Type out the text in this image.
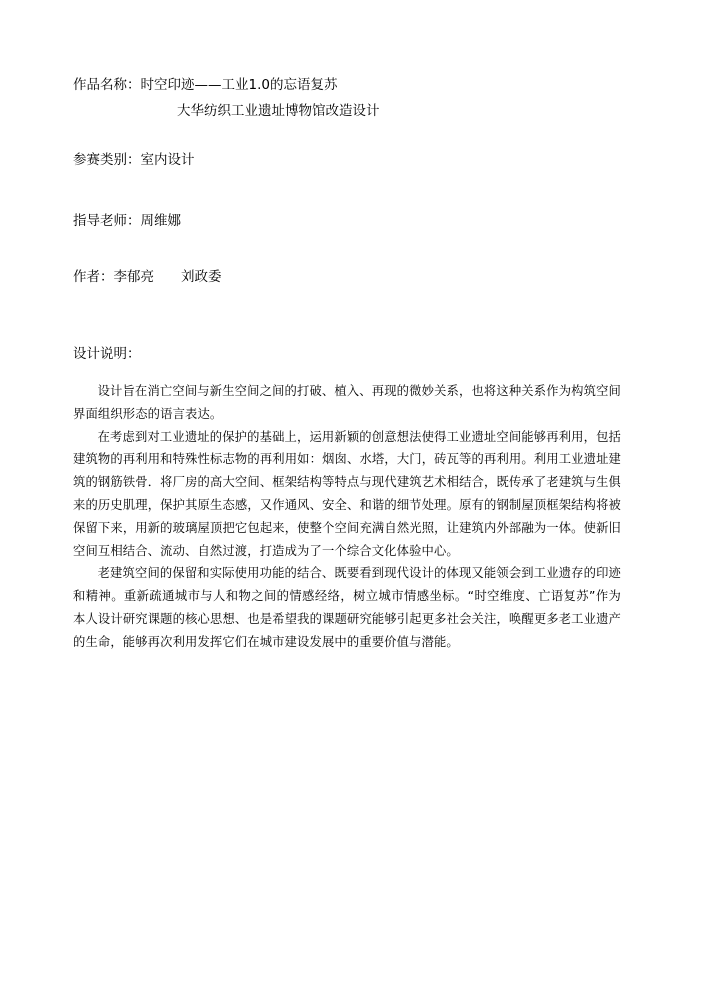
作品名称：时空印迹——工业1.0的忘语复苏
大华纺织工业遗址博物馆改造设计
参赛类别：室内设计
指导老师：周维娜
作者：李郁亮　　刘政委
设计说明：

设计旨在消亡空间与新生空间之间的打破、植入、再现的微妙关系，也将这种关系作为构筑空间界面组织形态的语言表达。

在考虑到对工业遗址的保护的基础上，运用新颖的创意想法使得工业遗址空间能够再利用，包括建筑物的再利用和特殊性标志物的再利用如：烟囱、水塔，大门，砖瓦等的再利用。利用工业遗址建筑的钢筋铁骨．将厂房的高大空间、框架结构等特点与现代建筑艺术相结合，既传承了老建筑与生俱来的历史肌理，保护其原生态感，又作通风、安全、和谐的细节处理。原有的钢制屋顶框架结构将被保留下来，用新的玻璃屋顶把它包起来，使整个空间充满自然光照，让建筑内外部融为一体。使新旧空间互相结合、流动、自然过渡，打造成为了一个综合文化体验中心。

老建筑空间的保留和实际使用功能的结合、既要看到现代设计的体现又能领会到工业遗存的印迹和精神。重新疏通城市与人和物之间的情感经络，树立城市情感坐标。“时空维度、亡语复苏”作为本人设计研究课题的核心思想、也是希望我的课题研究能够引起更多社会关注，唤醒更多老工业遗产的生命，能够再次利用发挥它们在城市建设发展中的重要价值与潜能。
